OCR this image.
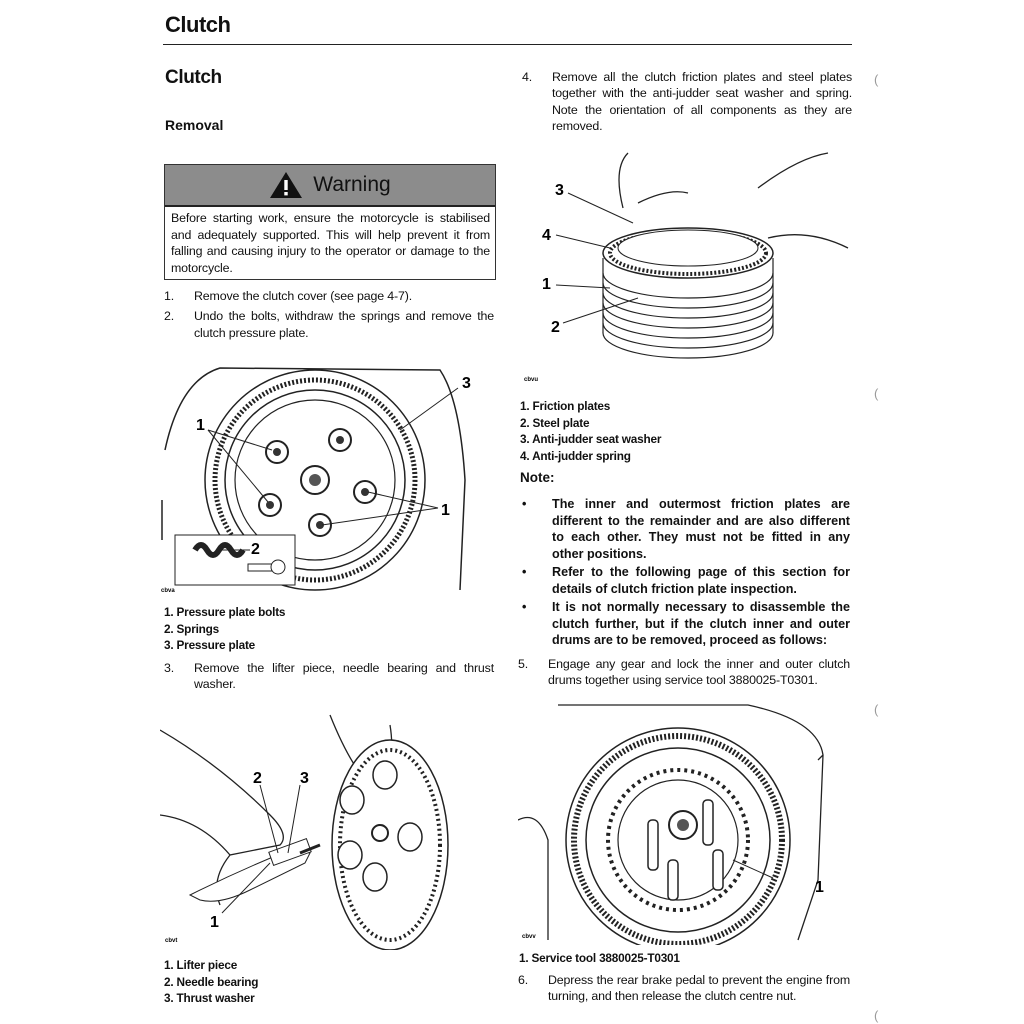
Clutch
Clutch
Removal
Warning
Before starting work, ensure the motorcycle is stabilised and adequately supported. This will help prevent it from falling and causing injury to the operator or damage to the motorcycle.
1.	Remove the clutch cover (see page 4-7).
2.	Undo the bolts, withdraw the springs and remove the clutch pressure plate.
1
2
3
1
cbva
1. Pressure plate bolts
2. Springs
3. Pressure plate
3.	Remove the lifter piece, needle bearing and thrust washer.
2 3
1
cbvt
1. Lifter piece
2. Needle bearing
3. Thrust washer
4.	Remove all the clutch friction plates and steel plates together with the anti-judder seat washer and spring. Note the orientation of all components as they are removed.
3
4
1
2
cbvu
1. Friction plates
2. Steel plate
3. Anti-judder seat washer
4. Anti-judder spring
Note:
•	The inner and outermost friction plates are different to the remainder and are also different to each other. They must not be fitted in any other positions.
•	Refer to the following page of this section for details of clutch friction plate inspection.
•	It is not normally necessary to disassemble the clutch further, but if the clutch inner and outer drums are to be removed, proceed as follows:
5.	Engage any gear and lock the inner and outer clutch drums together using service tool 3880025-T0301.
1
cbvv
1. Service tool 3880025-T0301
6.	Depress the rear brake pedal to prevent the engine from turning, and then release the clutch centre nut.
(
(
(
(
